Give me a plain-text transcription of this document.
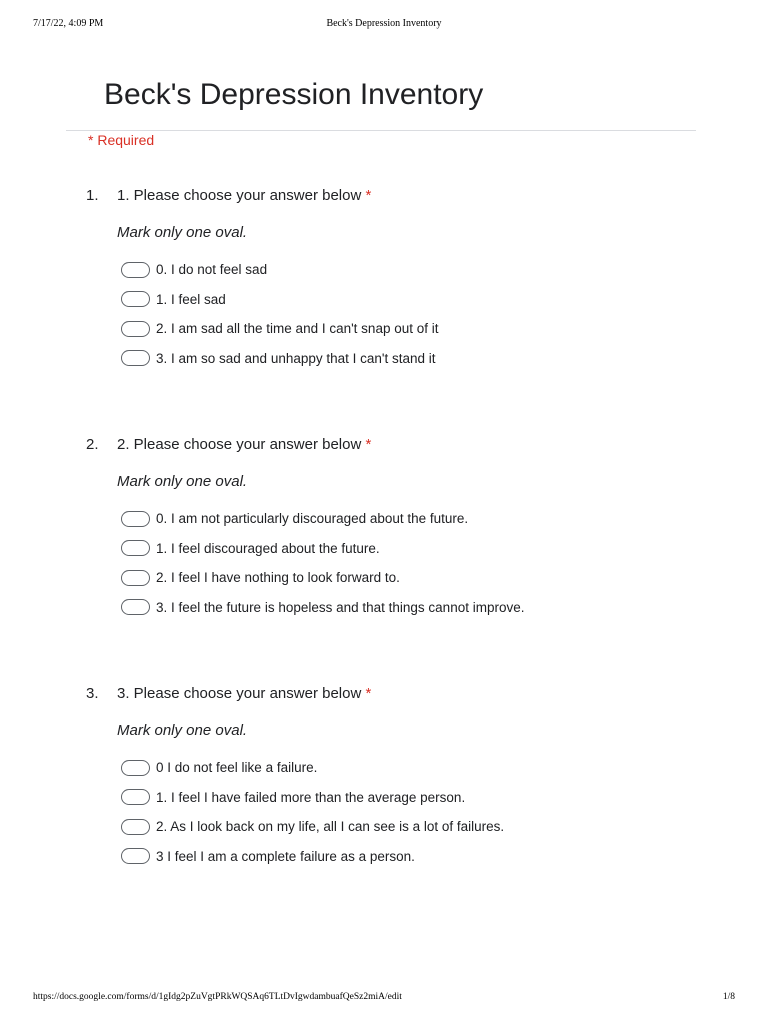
7/17/22, 4:09 PM	Beck's Depression Inventory
Beck's Depression Inventory
* Required
1. 1. Please choose your answer below *
Mark only one oval.
0. I do not feel sad
1. I feel sad
2. I am sad all the time and I can't snap out of it
3. I am so sad and unhappy that I can't stand it
2. 2. Please choose your answer below *
Mark only one oval.
0. I am not particularly discouraged about the future.
1. I feel discouraged about the future.
2. I feel I have nothing to look forward to.
3. I feel the future is hopeless and that things cannot improve.
3. 3. Please choose your answer below *
Mark only one oval.
0 I do not feel like a failure.
1. I feel I have failed more than the average person.
2. As I look back on my life, all I can see is a lot of failures.
3 I feel I am a complete failure as a person.
https://docs.google.com/forms/d/1gIdg2pZuVgtPRkWQSAq6TLtDvIgwdambuafQeSz2miA/edit	1/8
